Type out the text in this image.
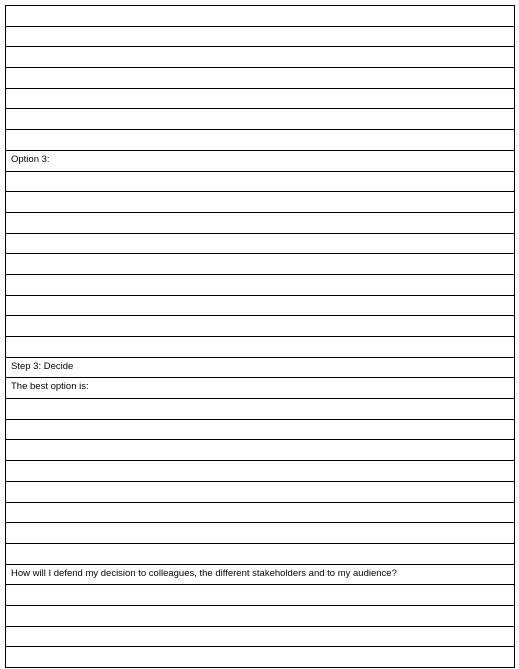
Option 3:
Step 3: Decide
The best option is:
How will I defend my decision to colleagues, the different stakeholders and to my audience?
